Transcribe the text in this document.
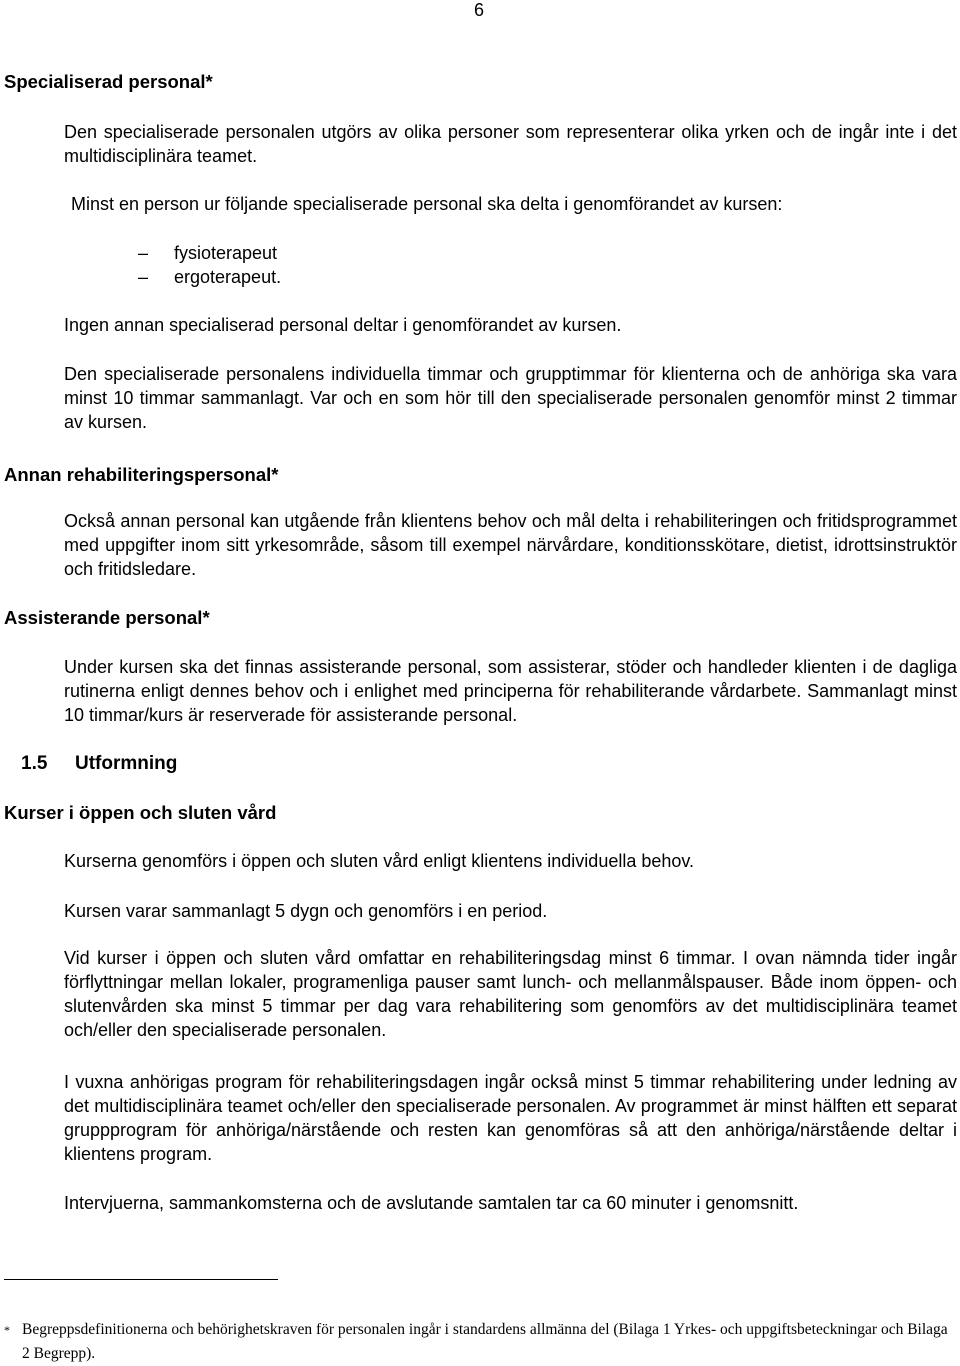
6
Specialiserad personal*
Den specialiserade personalen utgörs av olika personer som representerar olika yrken och de ingår inte i det multidisciplinära teamet.
Minst en person ur följande specialiserade personal ska delta i genomförandet av kursen:
– fysioterapeut
– ergoterapeut.
Ingen annan specialiserad personal deltar i genomförandet av kursen.
Den specialiserade personalens individuella timmar och grupptimmar för klienterna och de anhöriga ska vara minst 10 timmar sammanlagt. Var och en som hör till den specialiserade personalen genomför minst 2 timmar av kursen.
Annan rehabiliteringspersonal*
Också annan personal kan utgående från klientens behov och mål delta i rehabiliteringen och fritidsprogrammet med uppgifter inom sitt yrkesområde, såsom till exempel närvårdare, konditionsskötare, dietist, idrottsinstruktör och fritidsledare.
Assisterande personal*
Under kursen ska det finnas assisterande personal, som assisterar, stöder och handleder klienten i de dagliga rutinerna enligt dennes behov och i enlighet med principerna för rehabiliterande vårdarbete. Sammanlagt minst 10 timmar/kurs är reserverade för assisterande personal.
1.5 Utformning
Kurser i öppen och sluten vård
Kurserna genomförs i öppen och sluten vård enligt klientens individuella behov.
Kursen varar sammanlagt 5 dygn och genomförs i en period.
Vid kurser i öppen och sluten vård omfattar en rehabiliteringsdag minst 6 timmar. I ovan nämnda tider ingår förflyttningar mellan lokaler, programenliga pauser samt lunch- och mellanmålspauser. Både inom öppen- och slutenvården ska minst 5 timmar per dag vara rehabilitering som genomförs av det multidisciplinära teamet och/eller den specialiserade personalen.
I vuxna anhörigas program för rehabiliteringsdagen ingår också minst 5 timmar rehabilitering under ledning av det multidisciplinära teamet och/eller den specialiserade personalen. Av programmet är minst hälften ett separat gruppprogram för anhöriga/närstående och resten kan genomföras så att den anhöriga/närstående deltar i klientens program.
Intervjuerna, sammankomsterna och de avslutande samtalen tar ca 60 minuter i genomsnitt.
* Begreppsdefinitionerna och behörighetskraven för personalen ingår i standardens allmänna del (Bilaga 1 Yrkes- och uppgiftsbeteckningar och Bilaga 2 Begrepp).
